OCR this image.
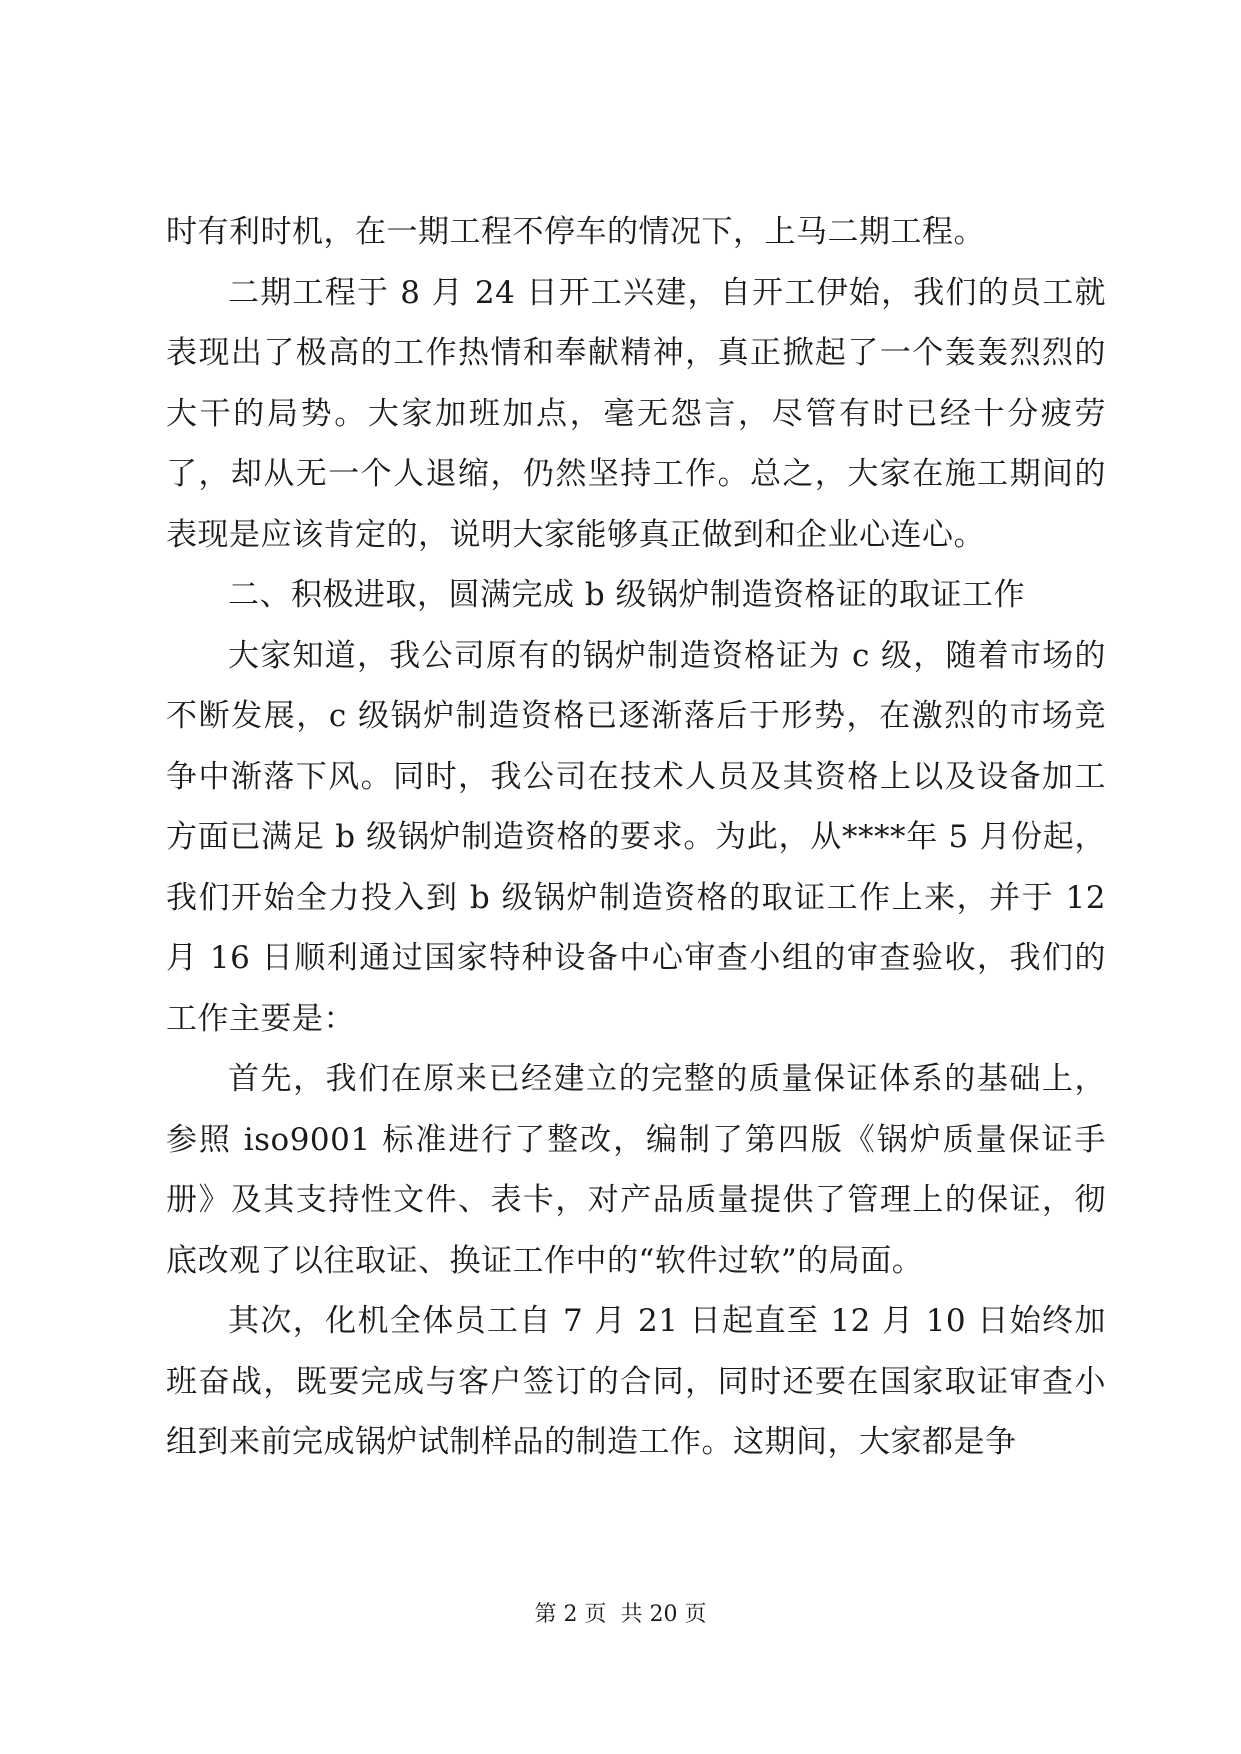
时有利时机，在一期工程不停车的情况下，上马二期工程。

二期工程于 8 月 24 日开工兴建，自开工伊始，我们的员工就表现出了极高的工作热情和奉献精神，真正掀起了一个轰轰烈烈的大干的局势。大家加班加点，毫无怨言，尽管有时已经十分疲劳了，却从无一个人退缩，仍然坚持工作。总之，大家在施工期间的表现是应该肯定的，说明大家能够真正做到和企业心连心。

二、积极进取，圆满完成 b 级锅炉制造资格证的取证工作

大家知道，我公司原有的锅炉制造资格证为 c 级，随着市场的不断发展，c 级锅炉制造资格已逐渐落后于形势，在激烈的市场竞争中渐落下风。同时，我公司在技术人员及其资格上以及设备加工方面已满足 b 级锅炉制造资格的要求。为此，从****年 5 月份起，我们开始全力投入到 b 级锅炉制造资格的取证工作上来，并于 12 月 16 日顺利通过国家特种设备中心审查小组的审查验收，我们的工作主要是：

首先，我们在原来已经建立的完整的质量保证体系的基础上，参照 iso9001 标准进行了整改，编制了第四版《锅炉质量保证手册》及其支持性文件、表卡，对产品质量提供了管理上的保证，彻底改观了以往取证、换证工作中的“软件过软”的局面。

其次，化机全体员工自 7 月 21 日起直至 12 月 10 日始终加班奋战，既要完成与客户签订的合同，同时还要在国家取证审查小组到来前完成锅炉试制样品的制造工作。这期间，大家都是争

第 2 页  共 20 页
